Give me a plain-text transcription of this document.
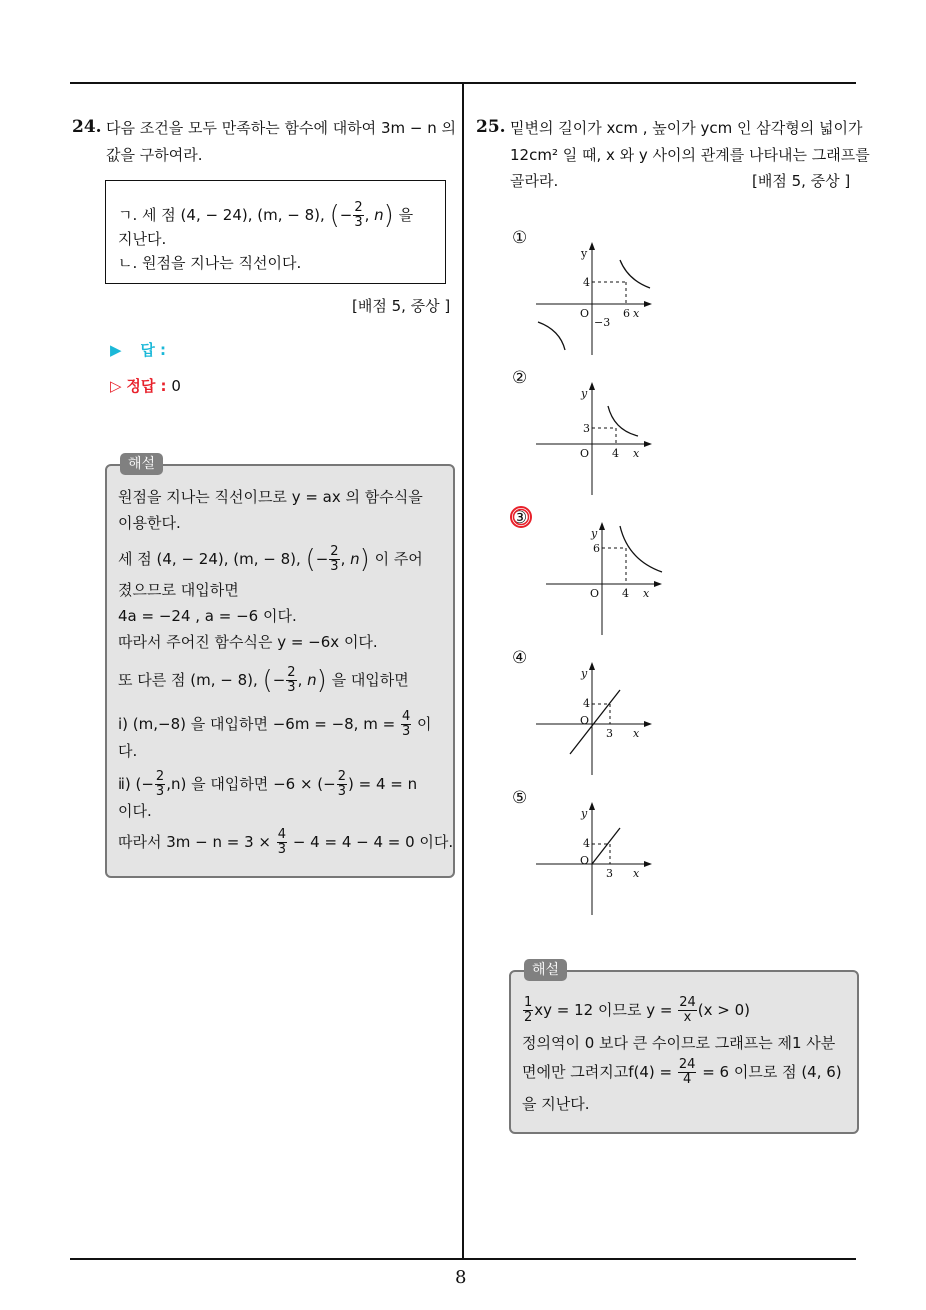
8
24. 다음 조건을 모두 만족하는 함수에 대하여 3m − n 의
값을 구하여라.
ㄱ. 세 점 (4, − 24), (m, − 8), (− $\frac{2}{3}$ , n) 을
지난다.
ㄴ. 원점을 지나는 직선이다.
[배점 5, 중상 ]
▶ 답 :
▷ 정답 : 0
해설
원점을 지나는 직선이므로 y = ax 의 함수식을
이용한다.
세 점 (4, − 24), (m, − 8), (− $\frac{2}{3}$ , n) 이 주어
졌으므로 대입하면
4a = −24 , a = −6 이다.
따라서 주어진 함수식은 y = −6x 이다.
또 다른 점 (m, − 8), (− $\frac{2}{3}$ , n) 을 대입하면
ⅰ) (m,−8) 을 대입하면 −6m = −8, $m = \frac{4}{3}$ 이
다.
ⅱ) (− $\frac{2}{3} ,n$) 을 대입하면 −6 × (− $\frac{2}{3}$ ) = 4 = n
이다.
따라서 $3m - n = 3 \times \frac{4}{3} - 4 = 4 - 4 = 0$ 이다.
25. 밑변의 길이가 xcm , 높이가 ycm 인 삼각형의 넓이가
12cm² 일 때, x 와 y 사이의 관계를 나타내는 그래프를
골라라.	[배점 5, 중상 ]
①
②
③
④
⑤
y
4
O	6 x
−3
y
3
O 4 x
y
6
O 4 x
y
4
O
3 x
y
4
O
3 x
해설
$\frac{1}{2}$ xy = 12 이므로 $y = \frac{24}{x} (x > 0)$
정의역이 0 보다 큰 수이므로 그래프는 제1 사분
면에만 그려지고$f(4) = \frac{24}{4} = 6$ 이므로 점 (4, 6)
을 지난다.
